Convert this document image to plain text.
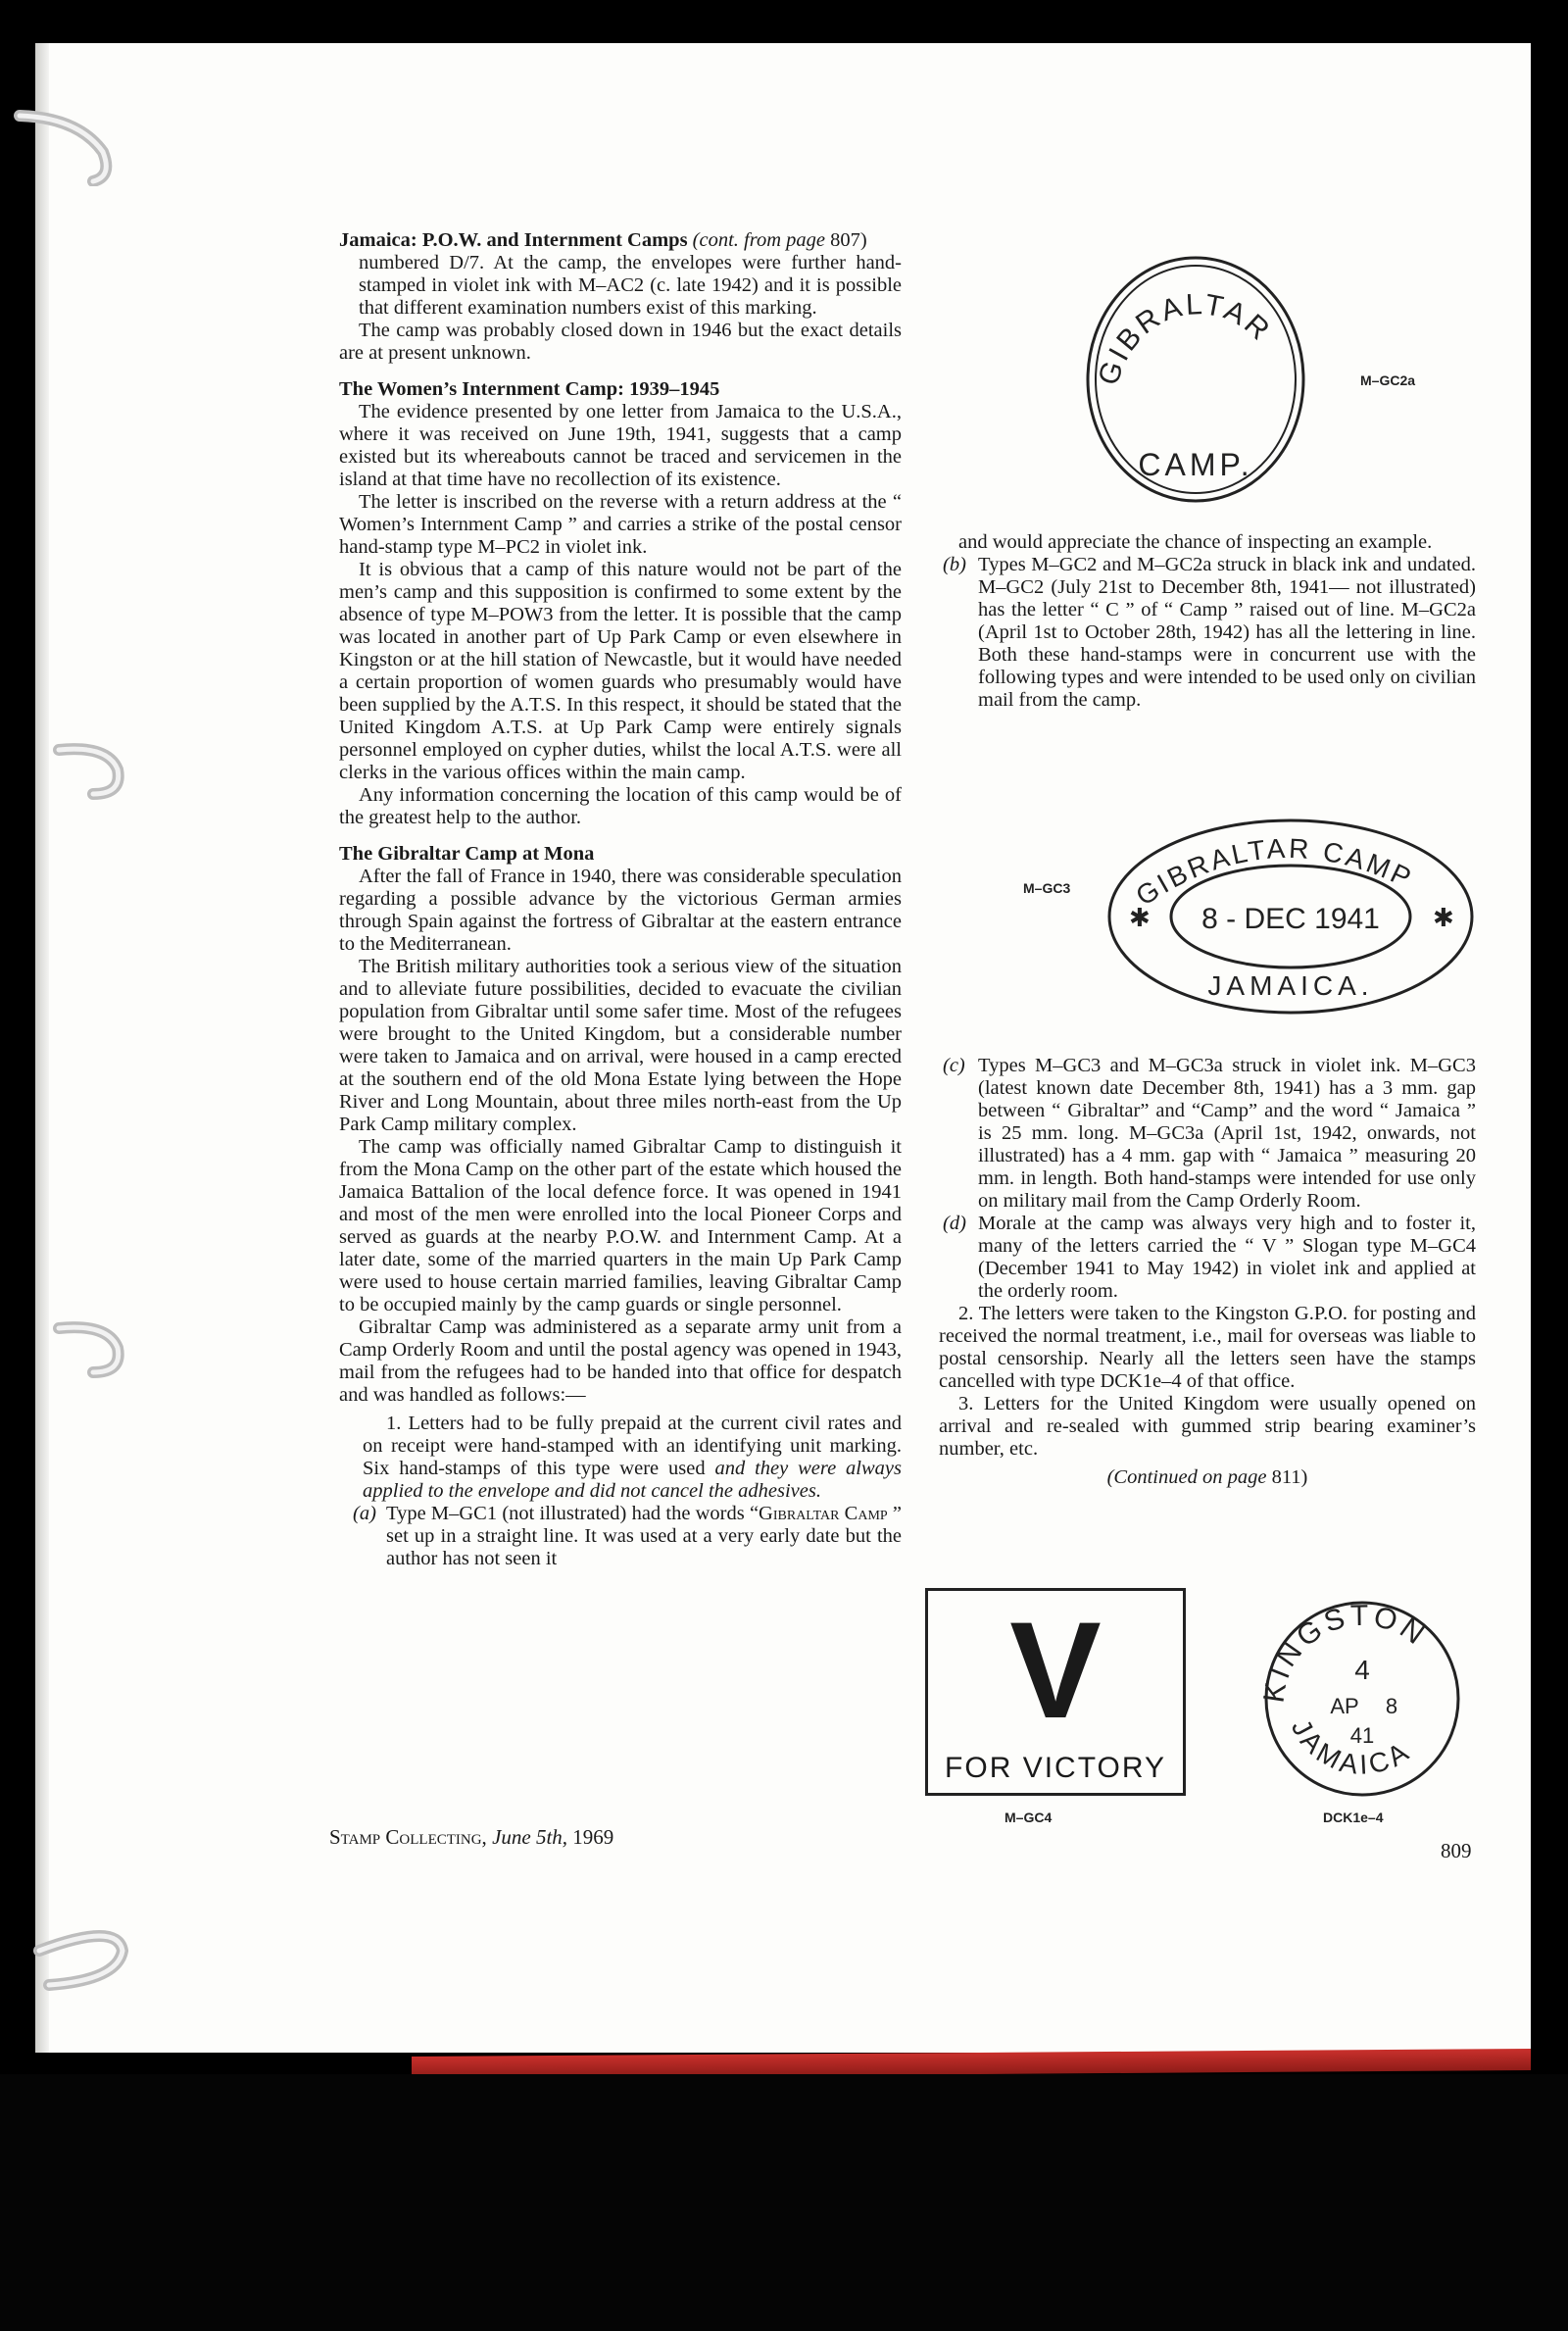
Jamaica: P.O.W. and Internment Camps (cont. from page 807)

numbered D/7. At the camp, the envelopes were further hand-stamped in violet ink with M–AC2 (c. late 1942) and it is possible that different examination numbers exist of this marking.

The camp was probably closed down in 1946 but the exact details are at present unknown.

The Women’s Internment Camp: 1939–1945

The evidence presented by one letter from Jamaica to the U.S.A., where it was received on June 19th, 1941, suggests that a camp existed but its whereabouts cannot be traced and servicemen in the island at that time have no recollection of its existence.

The letter is inscribed on the reverse with a return address at the “ Women’s Internment Camp ” and carries a strike of the postal censor hand-stamp type M–PC2 in violet ink.

It is obvious that a camp of this nature would not be part of the men’s camp and this supposition is confirmed to some extent by the absence of type M–POW3 from the letter. It is possible that the camp was located in another part of Up Park Camp or even elsewhere in Kingston or at the hill station of Newcastle, but it would have needed a certain proportion of women guards who presumably would have been supplied by the A.T.S. In this respect, it should be stated that the United Kingdom A.T.S. at Up Park Camp were entirely signals personnel employed on cypher duties, whilst the local A.T.S. were all clerks in the various offices within the main camp.

Any information concerning the location of this camp would be of the greatest help to the author.

The Gibraltar Camp at Mona

After the fall of France in 1940, there was considerable speculation regarding a possible advance by the victorious German armies through Spain against the fortress of Gibraltar at the eastern entrance to the Mediterranean.

The British military authorities took a serious view of the situation and to alleviate future possibilities, decided to evacuate the civilian population from Gibraltar until some safer time. Most of the refugees were brought to the United Kingdom, but a considerable number were taken to Jamaica and on arrival, were housed in a camp erected at the southern end of the old Mona Estate lying between the Hope River and Long Mountain, about three miles north-east from the Up Park Camp military complex.

The camp was officially named Gibraltar Camp to distinguish it from the Mona Camp on the other part of the estate which housed the Jamaica Battalion of the local defence force. It was opened in 1941 and most of the men were enrolled into the local Pioneer Corps and served as guards at the nearby P.O.W. and Internment Camp. At a later date, some of the married quarters in the main Up Park Camp were used to house certain married families, leaving Gibraltar Camp to be occupied mainly by the camp guards or single personnel.

Gibraltar Camp was administered as a separate army unit from a Camp Orderly Room and until the postal agency was opened in 1943, mail from the refugees had to be handed into that office for despatch and was handled as follows:—

1. Letters had to be fully prepaid at the current civil rates and on receipt were hand-stamped with an identifying unit marking. Six hand-stamps of this type were used and they were always applied to the envelope and did not cancel the adhesives.

(a) Type M–GC1 (not illustrated) had the words “Gibraltar Camp ” set up in a straight line. It was used at a very early date but the author has not seen it

Stamp Collecting, June 5th, 1969

and would appreciate the chance of inspecting an example.

(b) Types M–GC2 and M–GC2a struck in black ink and undated. M–GC2 (July 21st to December 8th, 1941— not illustrated) has the letter “ C ” of “ Camp ” raised out of line. M–GC2a (April 1st to October 28th, 1942) has all the lettering in line. Both these hand-stamps were in concurrent use with the following types and were intended to be used only on civilian mail from the camp.

(c) Types M–GC3 and M–GC3a struck in violet ink. M–GC3 (latest known date December 8th, 1941) has a 3 mm. gap between “ Gibraltar” and “Camp” and the word “ Jamaica ” is 25 mm. long. M–GC3a (April 1st, 1942, onwards, not illustrated) has a 4 mm. gap with “ Jamaica ” measuring 20 mm. in length. Both hand-stamps were intended for use only on military mail from the Camp Orderly Room.

(d) Morale at the camp was always very high and to foster it, many of the letters carried the “ V ” Slogan type M–GC4 (December 1941 to May 1942) in violet ink and applied at the orderly room.

2. The letters were taken to the Kingston G.P.O. for posting and received the normal treatment, i.e., mail for overseas was liable to postal censorship. Nearly all the letters seen have the stamps cancelled with type DCK1e–4 of that office.

3. Letters for the United Kingdom were usually opened on arrival and re-sealed with gummed strip bearing examiner’s number, etc.

(Continued on page 811)

GIBRALTAR
CAMP.
M–GC2a
GIBRALTAR CAMP
8 - DEC 1941
JAMAICA.
✱	✱
M–GC3
V
FOR VICTORY
M–GC4
KINGSTON
4
AP 8
41
JAMAICA
DCK1e–4
809
